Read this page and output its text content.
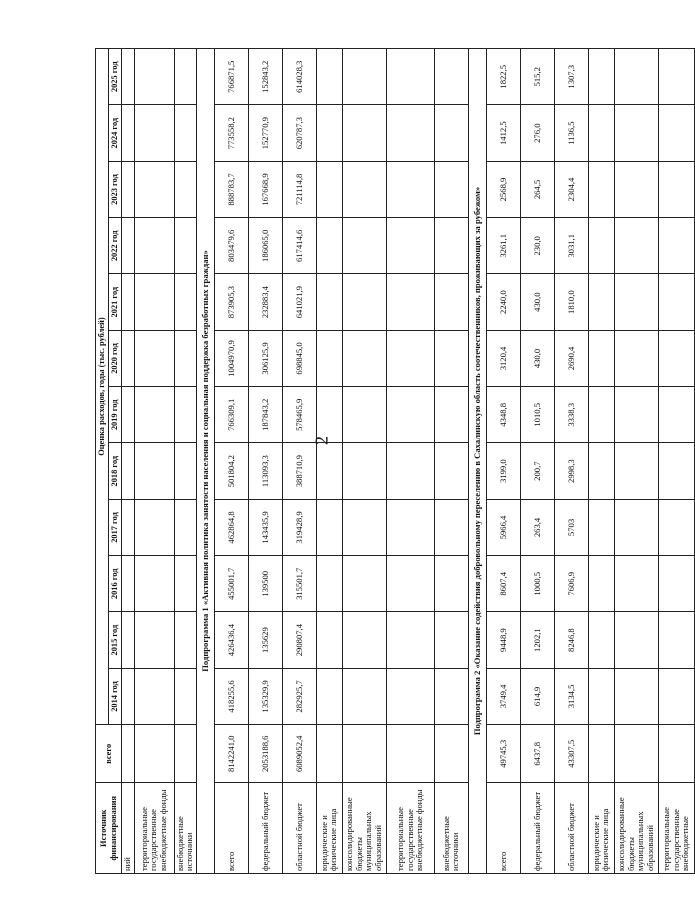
2
Источник финансирования	всего	Оценка расходов, годы (тыс. рублей)											
		2014 год	2015 год	2016 год	2017 год	2018 год	2019 год	2020 год	2021 год	2022 год	2023 год	2024 год	2025 год
ний													
территориальные государственные внебюджетные фонды													
внебюджетные источники													
Подпрограмма 1 «Активная политика занятости населения и социальная поддержка безработных граждан»													
всего	8142241,0	418255,6	426436,4	455001,7	462864,8	501804,2	766309,1	1004970,9	873905,3	803479,6	888783,7	773558,2	766871,5
федеральный бюджет	2053188,6	135329,9	135629	139500	143435,9	113093,3	187843,2	306125,9	232883,4	186065,0	167668,9	152770,9	152843,2
областной бюджет	6089052,4	282925,7	290807,4	315501,7	319428,9	388710,9	578465,9	698845,0	641021,9	617414,6	721114,8	620787,3	614028,3
юридические и физические лица													
консолидированные бюджеты муниципальных образований													
территориальные государственные внебюджетные фонды													
внебюджетные источники													
Подпрограмма 2 «Оказание содействия добровольному переселению в Сахалинскую область соотечественников, проживающих за рубежом»													
всего	49745,3	3749,4	9448,9	8607,4	5966,4	3199,0	4348,8	3120,4	2240,0	3261,1	2568,9	1412,5	1822,5
федеральный бюджет	6437,8	614,9	1202,1	1000,5	263,4	200,7	1010,5	430,0	430,0	230,0	264,5	276,0	515,2
областной бюджет	43307,5	3134,5	8246,8	7606,9	5703	2998,3	3338,3	2690,4	1810,0	3031,1	2304,4	1136,5	1307,3
юридические и физические лица													
консолидированные бюджеты муниципальных образований													
территориальные государственные внебюджетные													
